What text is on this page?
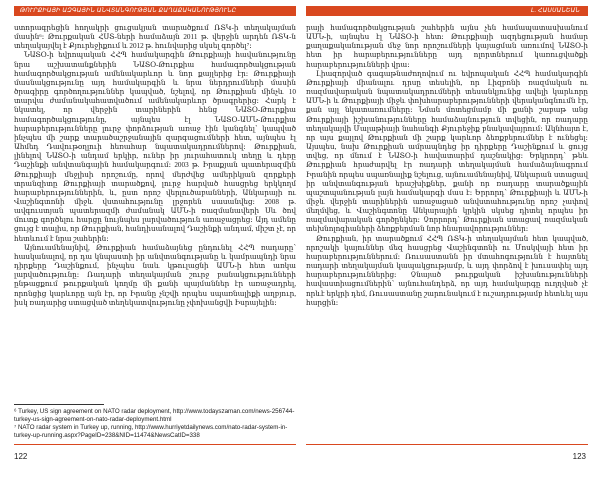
ԹՈՒՐՔԻԱՅԻ ԱԶԳԱՅԻՆ ԱՆՎՏԱՆԳՈՒԹՅԱՆ ՔԱՂԱՔԱԿԱՆՈՒԹՅՈՒՆԸ

ստորագրեցին հողակրի ցուցակյան տարածքում ՌՏԿ-ի տեղակայման մասին⁶։ Թուրքական ՀՍՏ-ների համաձայն 2011 թ. վերջին արդեն ՌՏԿ-ն տեղակայվել է Քյուրեջիքում և 2012 թ. հունվարից սկսել գործել⁷։

ՆԱՏՕ-ի եվրոպական ՀՀՊ համակարգին Թուրքիայի հավանությունը նրա աշխատանքներին ՆԱՏՕ-Թուրքիա համագործակցության համագործակցության ամենակարևոր և նոր քայլերից էր։ Թուրքիայի մասնակցությունը այդ համակարգին և նրա ներդրումների մասին ծրագիրը գործողություններ կապված, նշելով, որ Թուրքիան մինչև 10 տարվա ժամանակահատվածում ամենակարևոր ծրագրերից։ Հարկ է նկատել, որ վերջին տարիներին հենց ՆԱՏՕ-Թուրքիա համագործակցությունը, այնպես էլ ՆԱՏՕ-ԱՄՆ-Թուրքիա հարաբերությունները լուրջ փորձության առաջ էին կանգնել՝ կապված ինչպես մի շարք տարածաշրջանային զարգացումների հետ, այնպես էլ Ահմեդ Դավութօղլուի հեռահար նպատակադրումներով։ Թուրքիան, լինելով ՆԱՏՕ-ի անդամ երկիր, ուներ իր յուրահատուկ տեղը և դերը Դաշինքի անվտանգային համակարգում։ 2003 թ. Իրաքյան պատերազմին Թուրքիայի մեջլիսի որոշումը, որով մերժվեց ամերիկյան զորքերի տրանզիտը Թուրքիայի տարածքով, լուրջ հարված հասցրեց երկկողմ հարաբերություններին, և, ըստ որոշ վերլուծաբանների, Անկարայի ու Վաշինգտոնի միջև վստահությունը լրջորեն սասանվեց։ 2008 թ. ավգուստյան պատերազմի ժամանակ ԱՄՆ-ի ռազմանավերի Սև ծով մուտք գործելու հարցը նույնպես լարվածություն առաջացրեց։ Այդ ամենը ցույց է տալիս, որ Թուրքիան, հանդիսանալով Դաշինքի անդամ, միշտ չէ, որ հետևում է նրա շահերին։

Այնուամենայնիվ, Թուրքիան համաձայնեց ընդունել ՀՀՊ ռադարը՝ հասկանալով, որ դա կնպաստի իր անվտանգությանը և կամրապնդի նրա դիրքերը Դաշինքում, ինչպես նաև կթուլացնի ԱՄՆ-ի հետ առկա լարվածությունը։ Ռադարի տեղակայման շուրջ բանակցությունների ընթացքում թուրքական կողմը մի քանի պայմաններ էր առաջադրել, որոնցից կարևորը այն էր, որ Իրանը չնշվի որպես սպառնալիքի աղբյուր, իսկ ռադարից ստացված տեղեկատվությունը չփոխանցվի Իսրայելին։

⁶ Turkey, US sign agreement on NATO radar deployment, http://www.todayszaman.com/news-256744-turkey-us-sign-agreement-on-nato-radar-deployment.html

⁷ NATO radar system in Turkey up, running, http://www.hurriyetdailynews.com/nato-radar-system-in-turkey-up-running.aspx?PageID=238&NID=11474&NewsCatID=338

122
Լ. ՀԱՍՍԱՆԵԱՆ

րայի համագործակցության շահերին այնս չեն համապատասխանում ԱՄՆ-ի, այնպես էլ ՆԱՏՕ-ի հետ։ Թուրքիայի ազդեցության համար քաղաքականության մեջ նոր որոշումների կայացման առումով ՆԱՏՕ-ի հետ իր հարաբերությունները այդ ոլորտներում կառուցվածքի հարաբերությունների վրա։

Լիազորված գագաթնաժողովում ու եվրոպական ՀՀՊ համակարգին Թուրքիայի միանալու դրսը տեսելին, որ Լիզբոնի ռազմական ու ռազմավարական նպատակադրումների տեսանկյունից ավելի կարևորը ԱՄՆ-ի և Թուրքիայի միջև փոխհարաբերությունների վերականգնումն էր, քան այլ նկատառումները։ Նման մոտեցմամբ մի քանի շաբաթ անց Թուրքիայի իշխանությունները համաձայնություն տվեցին, որ ռադարը տեղակայվի Մալաթիայի նահանգի Քյուրեջիք բնակավայրում։ Ակնհայտ է, որ այս քայլով Թուրքիան մի շարք կարևոր ձեռքբերումներ է ունեցել։ Այսպես, նախ Թուրքիան ամրապնդեց իր դիրքերը Դաշինքում և ցույց տվեց, որ մնում է ՆԱՏՕ-ի հավատարիմ դաշնակից։ Երկրորդ՝ թեև Թուրքիան հրաժարվել էր ռադարի տեղակայման համաձայնագրում Իրանին որպես սպառնալիք նշելուց, այնուամենայնիվ, Անկարան ստացավ իր անվտանգության երաշխիքներ, քանի որ ռադարը տարածքային պաշտպանության լայն համակարգի մաս է։ Երրորդ՝ Թուրքիայի և ԱՄՆ-ի միջև վերջին տարիներին առաջացած անվստահությունը որոշ չափով մեղմվեց, և Վաշինգտոնը Անկարային կրկին սկսեց դիտել որպես իր ռազմավարական գործընկեր։ Չորրորդ՝ Թուրքիան ստացավ ռազմական տեխնոլոգիաների ձեռքբերման նոր հնարավորություններ։

Թուրքիան, իր տարածքում ՀՀՊ ՌՏԿ-ի տեղակայման հետ կապված, որոշակի կայուններ մեզ հասցրեց Վաշինգտոնի ու Մոսկվայի հետ իր հարաբերություններում։ Ռուսաստանն իր մտահոգությունն է հայտնել ռադարի տեղակայման կապակցությամբ, և այդ փորձով է խուսափել այդ հարաբերություններից։ Չնայած թուրքական իշխանությունների հավաստիացումներին՝ այնուհանդերձ, որ այդ համակարգը ուղղված չէ որևէ երկրի դեմ, Ռուսաստանը շարունակում է ուշադրությամբ հետևել այս հարցին։

123
